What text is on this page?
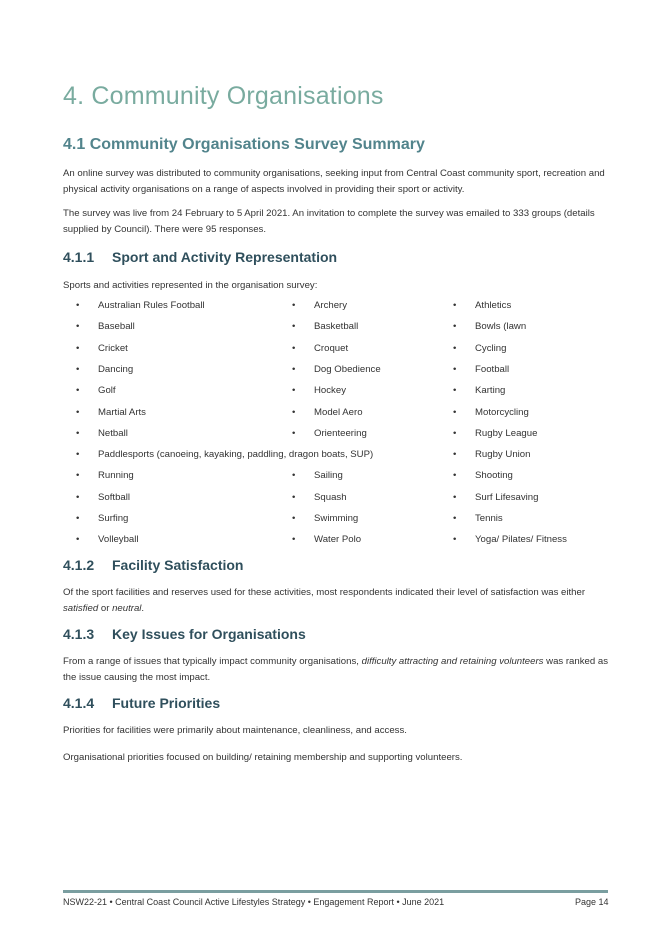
4. Community Organisations
4.1 Community Organisations Survey Summary
An online survey was distributed to community organisations, seeking input from Central Coast community sport, recreation and physical activity organisations on a range of aspects involved in providing their sport or activity.
The survey was live from 24 February to 5 April 2021. An invitation to complete the survey was emailed to 333 groups (details supplied by Council). There were 95 responses.
4.1.1 Sport and Activity Representation
Sports and activities represented in the organisation survey:
• Australian Rules Football
• Baseball
• Cricket
• Dancing
• Golf
• Martial Arts
• Netball
• Paddlesports (canoeing, kayaking, paddling, dragon boats, SUP)
• Running
• Softball
• Surfing
• Volleyball
• Archery
• Basketball
• Croquet
• Dog Obedience
• Hockey
• Model Aero
• Orienteering
• Sailing
• Squash
• Swimming
• Water Polo
• Athletics
• Bowls (lawn
• Cycling
• Football
• Karting
• Motorcycling
• Rugby League
• Rugby Union
• Shooting
• Surf Lifesaving
• Tennis
• Yoga/ Pilates/ Fitness
4.1.2 Facility Satisfaction
Of the sport facilities and reserves used for these activities, most respondents indicated their level of satisfaction was either satisfied or neutral.
4.1.3 Key Issues for Organisations
From a range of issues that typically impact community organisations, difficulty attracting and retaining volunteers was ranked as the issue causing the most impact.
4.1.4 Future Priorities
Priorities for facilities were primarily about maintenance, cleanliness, and access.
Organisational priorities focused on building/ retaining membership and supporting volunteers.
NSW22-21 • Central Coast Council Active Lifestyles Strategy • Engagement Report • June 2021	Page 14
